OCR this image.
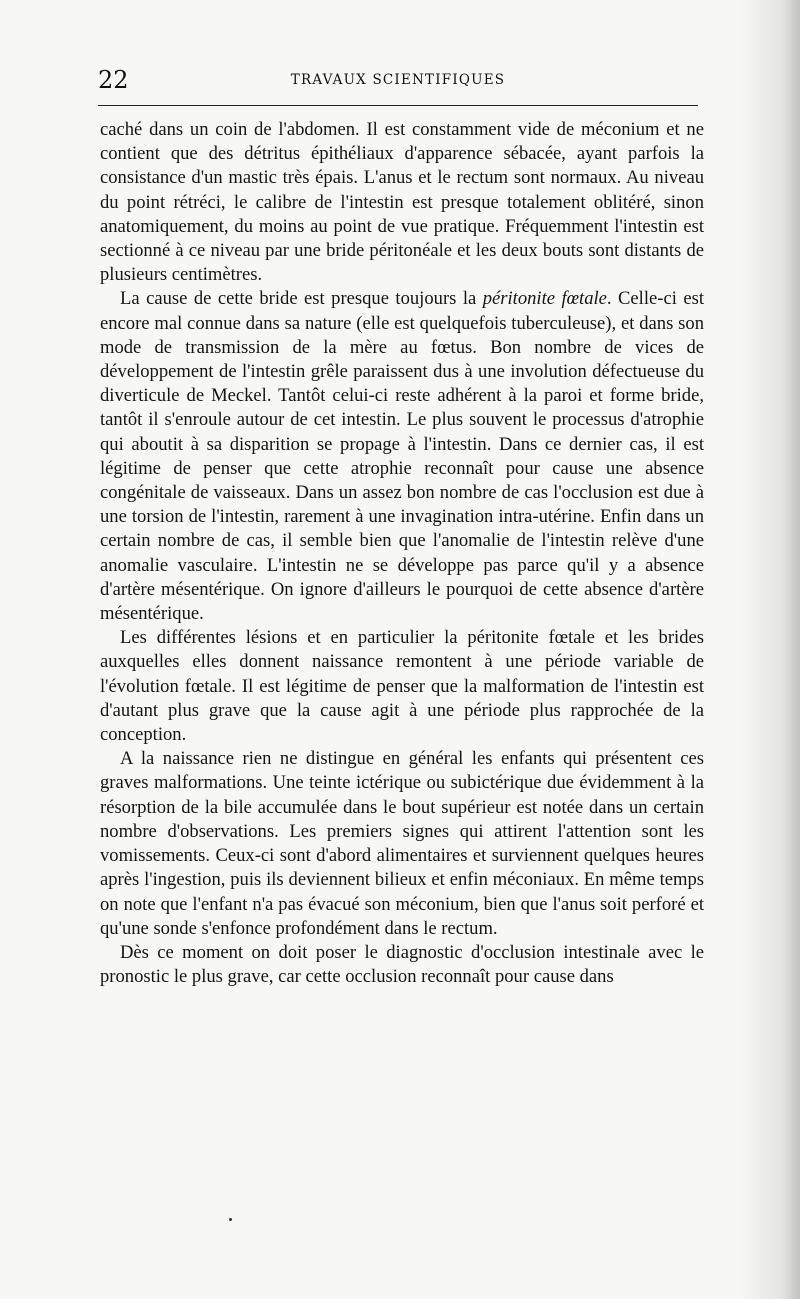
22	TRAVAUX SCIENTIFIQUES

caché dans un coin de l'abdomen. Il est constamment vide de méconium et ne contient que des détritus épithéliaux d'apparence sébacée, ayant parfois la consistance d'un mastic très épais. L'anus et le rectum sont normaux. Au niveau du point rétréci, le calibre de l'intestin est presque totalement oblitéré, sinon anatomiquement, du moins au point de vue pratique. Fréquemment l'intestin est sectionné à ce niveau par une bride péritonéale et les deux bouts sont distants de plusieurs centimètres.

La cause de cette bride est presque toujours la péritonite fœtale. Celle-ci est encore mal connue dans sa nature (elle est quelquefois tuberculeuse), et dans son mode de transmission de la mère au fœtus. Bon nombre de vices de développement de l'intestin grêle paraissent dus à une involution défectueuse du diverticule de Meckel. Tantôt celui-ci reste adhérent à la paroi et forme bride, tantôt il s'enroule autour de cet intestin. Le plus souvent le processus d'atrophie qui aboutit à sa disparition se propage à l'intestin. Dans ce dernier cas, il est légitime de penser que cette atrophie reconnaît pour cause une absence congénitale de vaisseaux. Dans un assez bon nombre de cas l'occlusion est due à une torsion de l'intestin, rarement à une invagination intra-utérine. Enfin dans un certain nombre de cas, il semble bien que l'anomalie de l'intestin relève d'une anomalie vasculaire. L'intestin ne se développe pas parce qu'il y a absence d'artère mésentérique. On ignore d'ailleurs le pourquoi de cette absence d'artère mésentérique.

Les différentes lésions et en particulier la péritonite fœtale et les brides auxquelles elles donnent naissance remontent à une période variable de l'évolution fœtale. Il est légitime de penser que la malformation de l'intestin est d'autant plus grave que la cause agit à une période plus rapprochée de la conception.

A la naissance rien ne distingue en général les enfants qui présentent ces graves malformations. Une teinte ictérique ou subictérique due évidemment à la résorption de la bile accumulée dans le bout supérieur est notée dans un certain nombre d'observations. Les premiers signes qui attirent l'attention sont les vomissements. Ceux-ci sont d'abord alimentaires et surviennent quelques heures après l'ingestion, puis ils deviennent bilieux et enfin méconiaux. En même temps on note que l'enfant n'a pas évacué son méconium, bien que l'anus soit perforé et qu'une sonde s'enfonce profondément dans le rectum.

Dès ce moment on doit poser le diagnostic d'occlusion intestinale avec le pronostic le plus grave, car cette occlusion reconnaît pour cause dans
